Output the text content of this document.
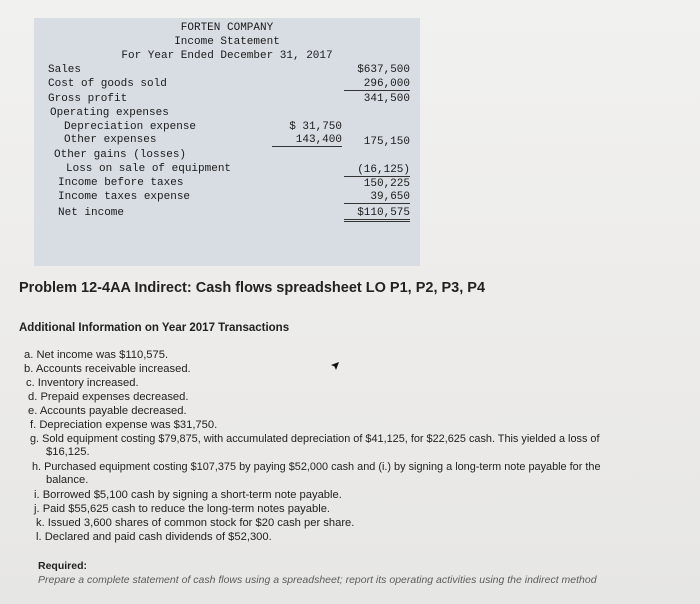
FORTEN COMPANY
Income Statement
For Year Ended December 31, 2017
Sales	$637,500
Cost of goods sold	296,000
Gross profit	341,500
Operating expenses
Depreciation expense	$ 31,750
Other expenses	143,400	175,150
Other gains (losses)
Loss on sale of equipment	(16,125)
Income before taxes	150,225
Income taxes expense	39,650
Net income	$110,575
Problem 12-4AA Indirect: Cash flows spreadsheet LO P1, P2, P3, P4
Additional Information on Year 2017 Transactions
a. Net income was $110,575.
b. Accounts receivable increased.
c. Inventory increased.
d. Prepaid expenses decreased.
e. Accounts payable decreased.
f. Depreciation expense was $31,750.
g. Sold equipment costing $79,875, with accumulated depreciation of $41,125, for $22,625 cash. This yielded a loss of
$16,125.
h. Purchased equipment costing $107,375 by paying $52,000 cash and (i.) by signing a long-term note payable for the
balance.
i. Borrowed $5,100 cash by signing a short-term note payable.
j. Paid $55,625 cash to reduce the long-term notes payable.
k. Issued 3,600 shares of common stock for $20 cash per share.
l. Declared and paid cash dividends of $52,300.
Required:
Prepare a complete statement of cash flows using a spreadsheet; report its operating activities using the indirect method
